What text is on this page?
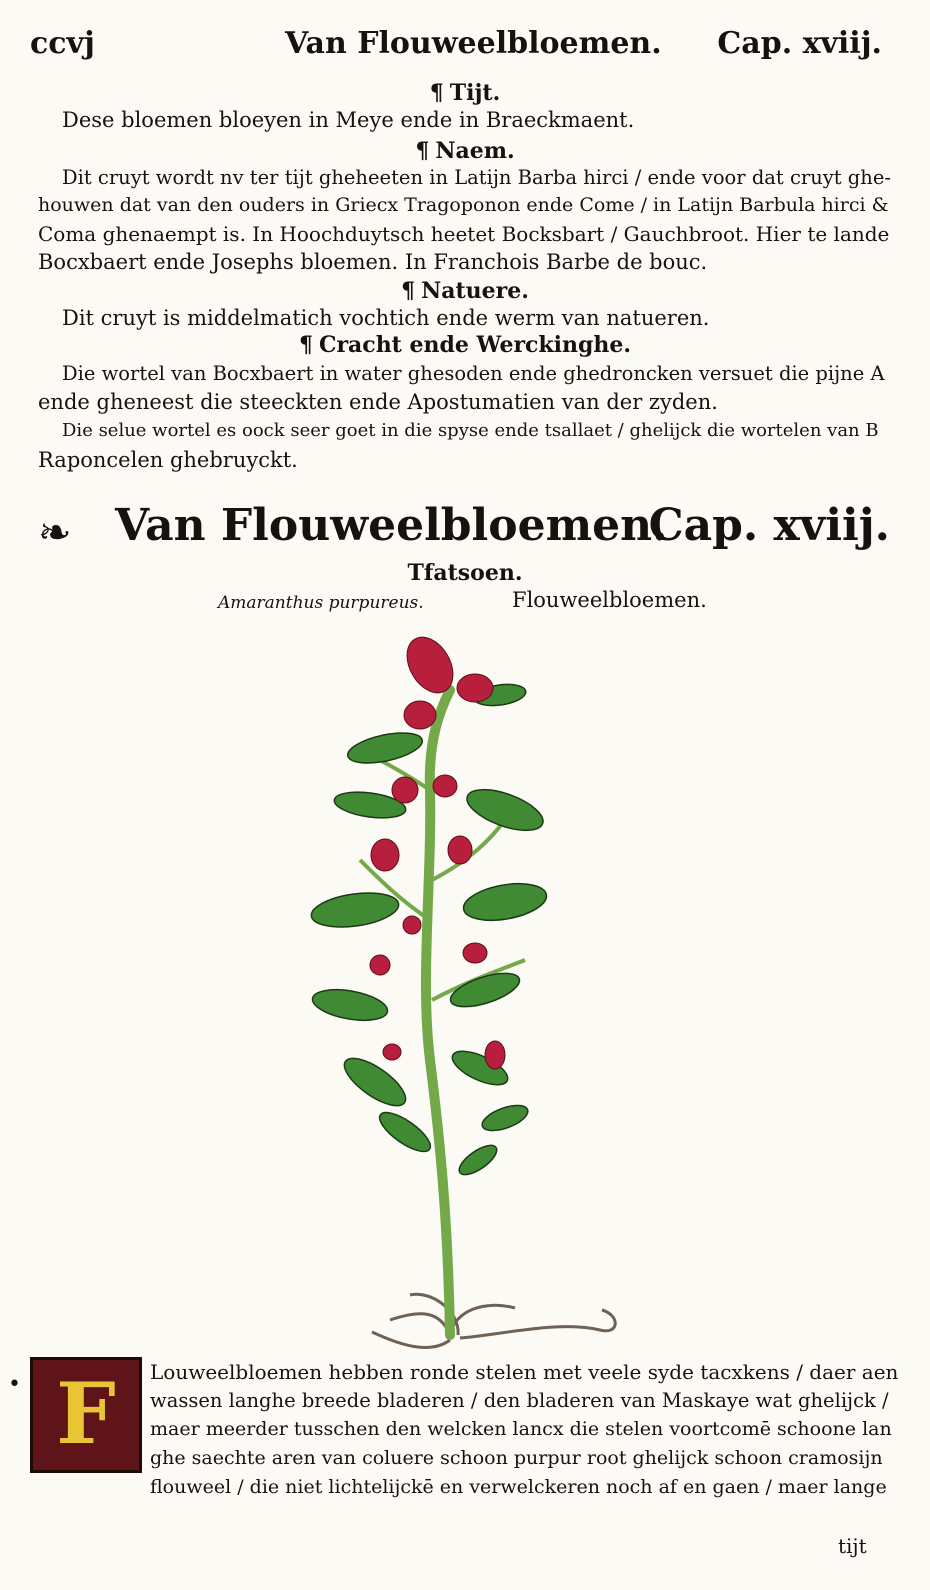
ccvj	Van Flouweelbloemen. Cap. xviij.
¶ Tijt.
Dese bloemen bloeyen in Meye ende in Braeckmaent.
¶ Naem.
Dit cruyt wordt nv ter tijt gheheeten in Latijn Barba hirci / ende voor dat cruyt ghe-
houwen dat van den ouders in Griecx Tragoponon ende Come / in Latijn Barbula hirci &
Coma ghenaempt is. In Hoochduytsch heetet Bocksbart / Gauchbroot. Hier te lande
Bocxbaert ende Josephs bloemen. In Franchois Barbe de bouc.
¶ Natuere.
Dit cruyt is middelmatich vochtich ende werm van natueren.
¶ Cracht ende Werckinghe.
Die wortel van Bocxbaert in water ghesoden ende ghedroncken versuet die pijne A
ende gheneest die steeckten ende Apostumatien van der zyden.
Die selue wortel es oock seer goet in die spyse ende tsallaet / ghelijck die wortelen van B
Raponcelen ghebruyckt.
❧ Van Flouweelbloemen.
Cap. xviij.
Tfatsoen.
Amaranthus purpureus.	Flouweelbloemen.
• F	Louweelbloemen hebben ronde stelen met veele syde tacxkens / daer aen
wassen langhe breede bladeren / den bladeren van Maskaye wat ghelijck /
maer meerder tusschen den welcken lancx die stelen voortcomē schoone lan
ghe saechte aren van coluere schoon purpur root ghelijck schoon cramosijn
flouweel / die niet lichtelijckē en verwelckeren noch af en gaen / maer lange
tijt
